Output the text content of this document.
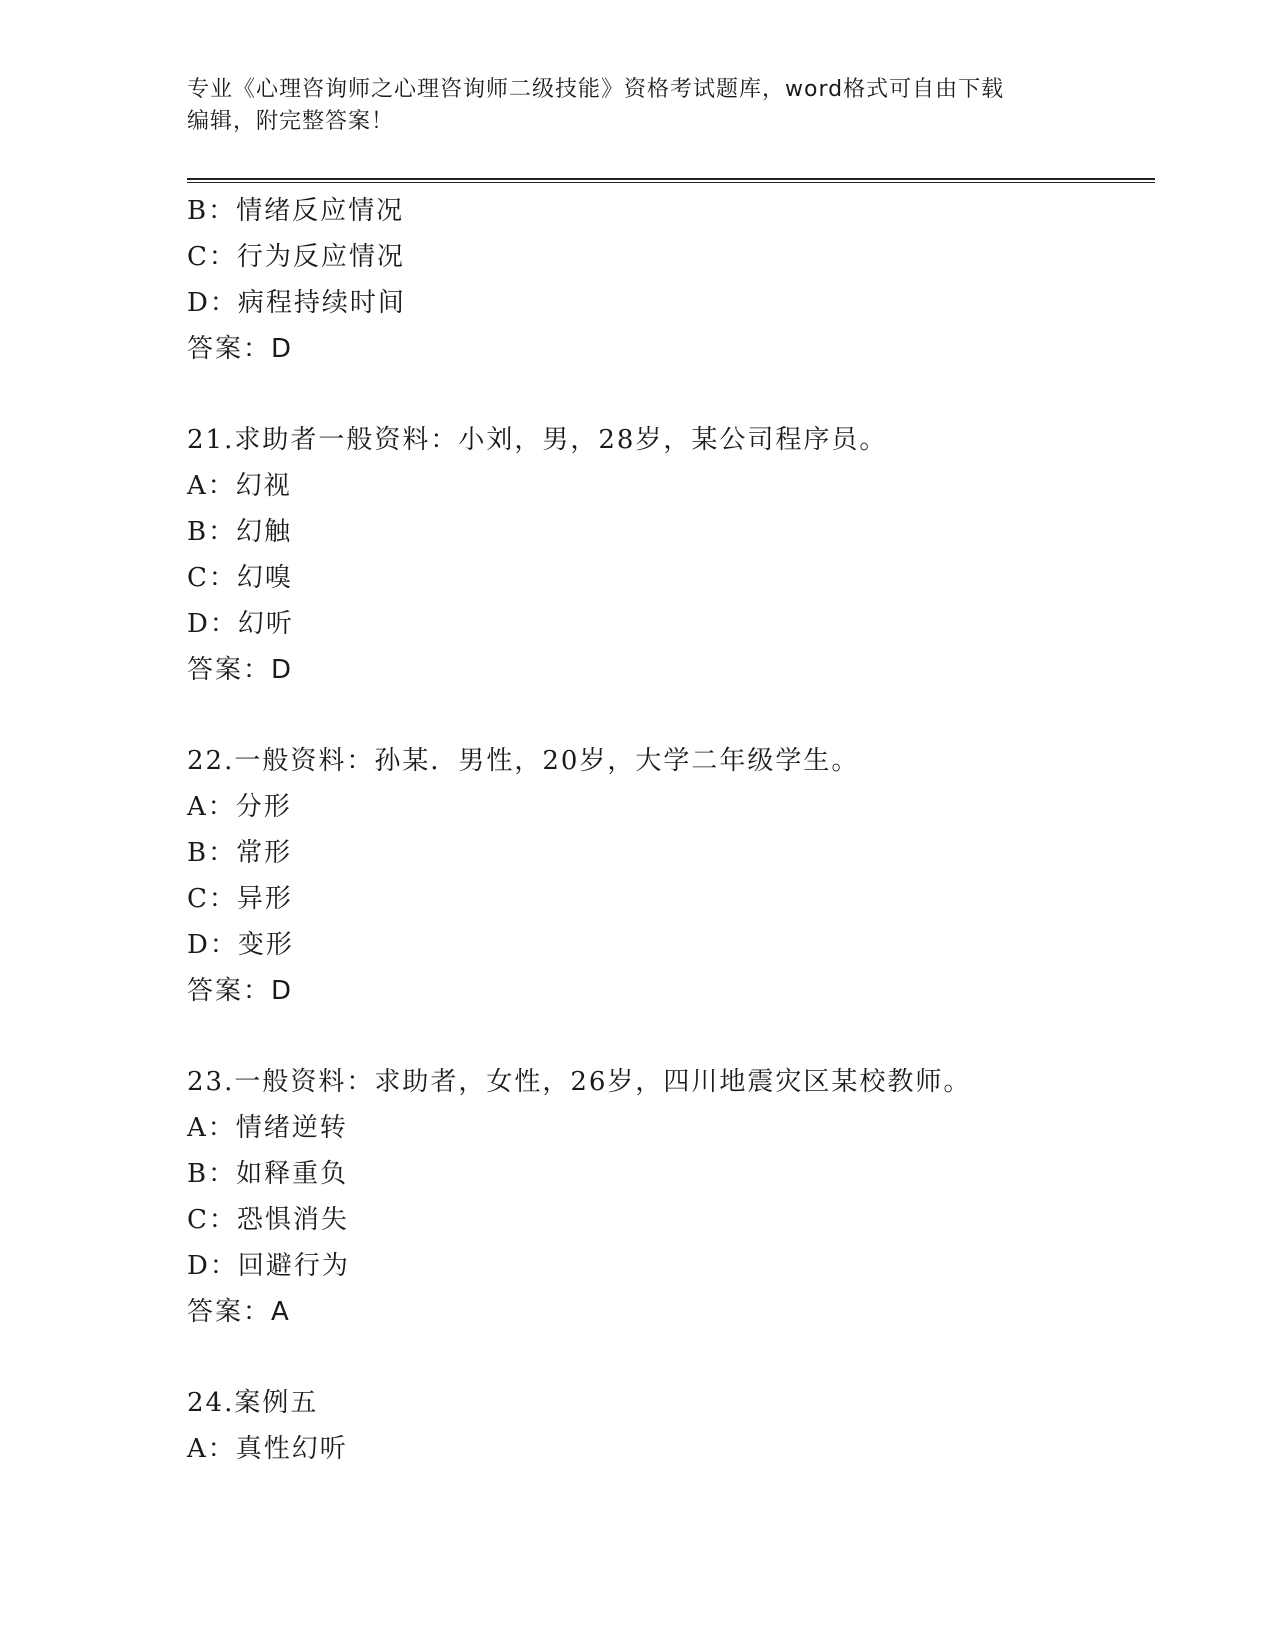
专业《心理咨询师之心理咨询师二级技能》资格考试题库，word格式可自由下载
编辑，附完整答案！
B：情绪反应情况
C：行为反应情况
D：病程持续时间
答案：D
21.求助者一般资料：小刘，男，28岁，某公司程序员。
A：幻视
B：幻触
C：幻嗅
D：幻听
答案：D
22.一般资料：孙某．男性，20岁，大学二年级学生。
A：分形
B：常形
C：异形
D：变形
答案：D
23.一般资料：求助者，女性，26岁，四川地震灾区某校教师。
A：情绪逆转
B：如释重负
C：恐惧消失
D：回避行为
答案：A
24.案例五
A：真性幻听
